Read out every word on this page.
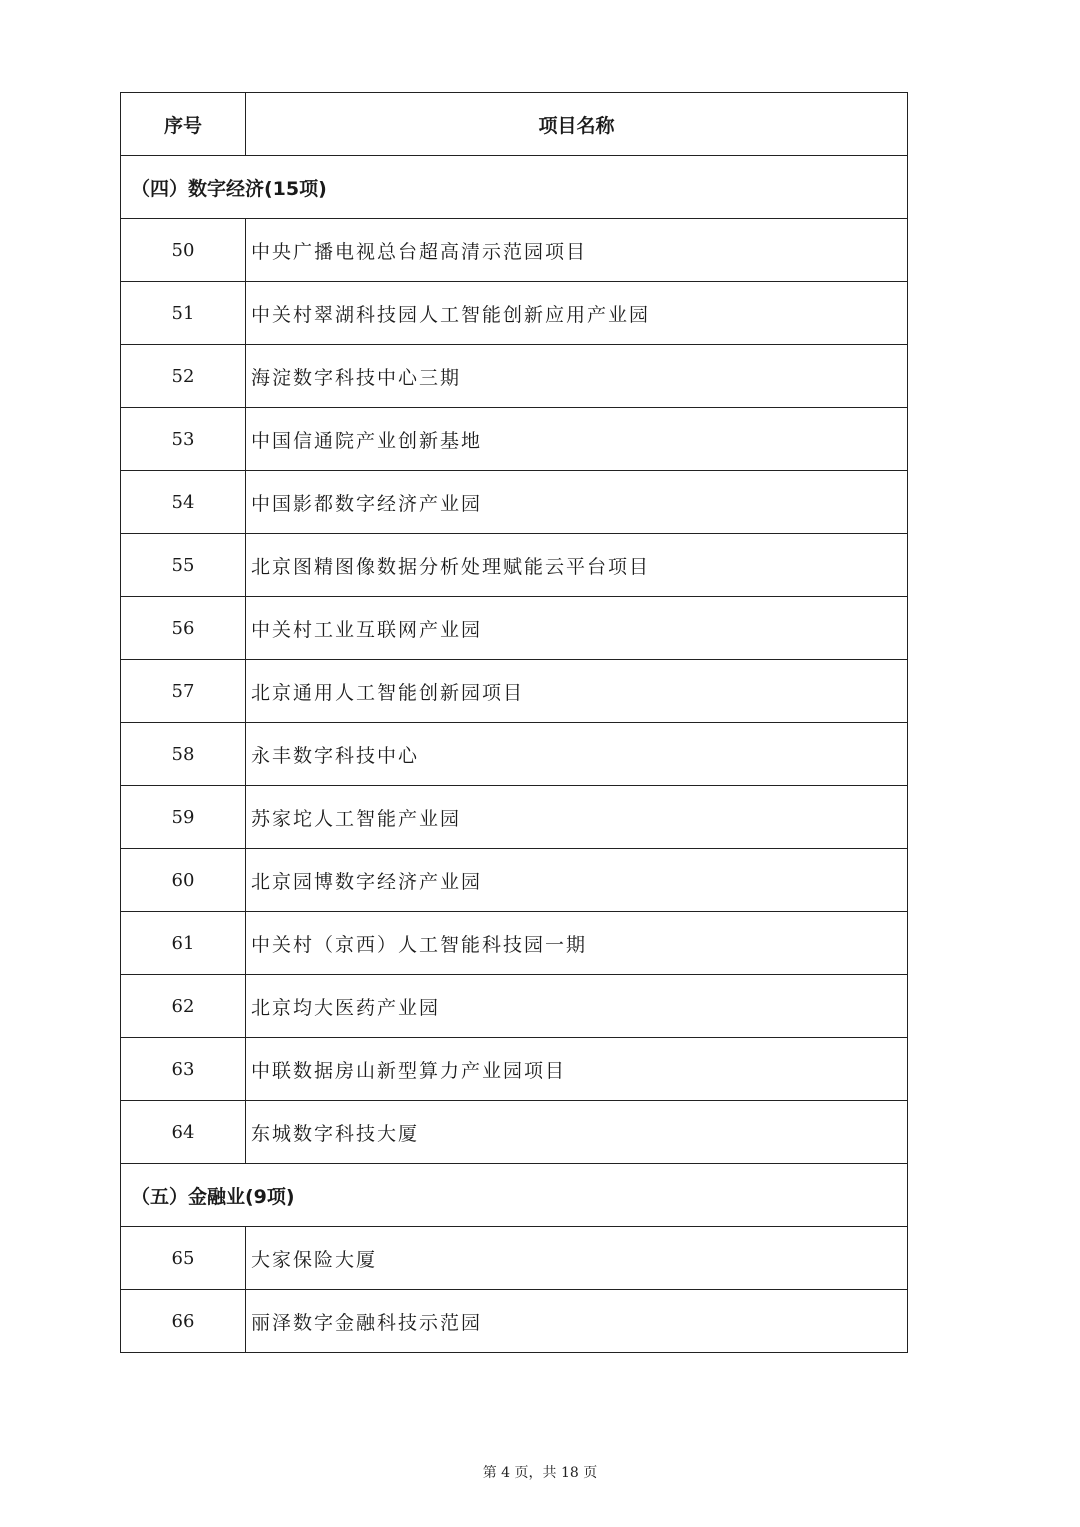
序号	项目名称
（四）数字经济(15项)	
50	中央广播电视总台超高清示范园项目
51	中关村翠湖科技园人工智能创新应用产业园
52	海淀数字科技中心三期
53	中国信通院产业创新基地
54	中国影都数字经济产业园
55	北京图精图像数据分析处理赋能云平台项目
56	中关村工业互联网产业园
57	北京通用人工智能创新园项目
58	永丰数字科技中心
59	苏家坨人工智能产业园
60	北京园博数字经济产业园
61	中关村（京西）人工智能科技园一期
62	北京均大医药产业园
63	中联数据房山新型算力产业园项目
64	东城数字科技大厦
（五）金融业(9项)	
65	大家保险大厦
66	丽泽数字金融科技示范园
第 4 页，共 18 页
